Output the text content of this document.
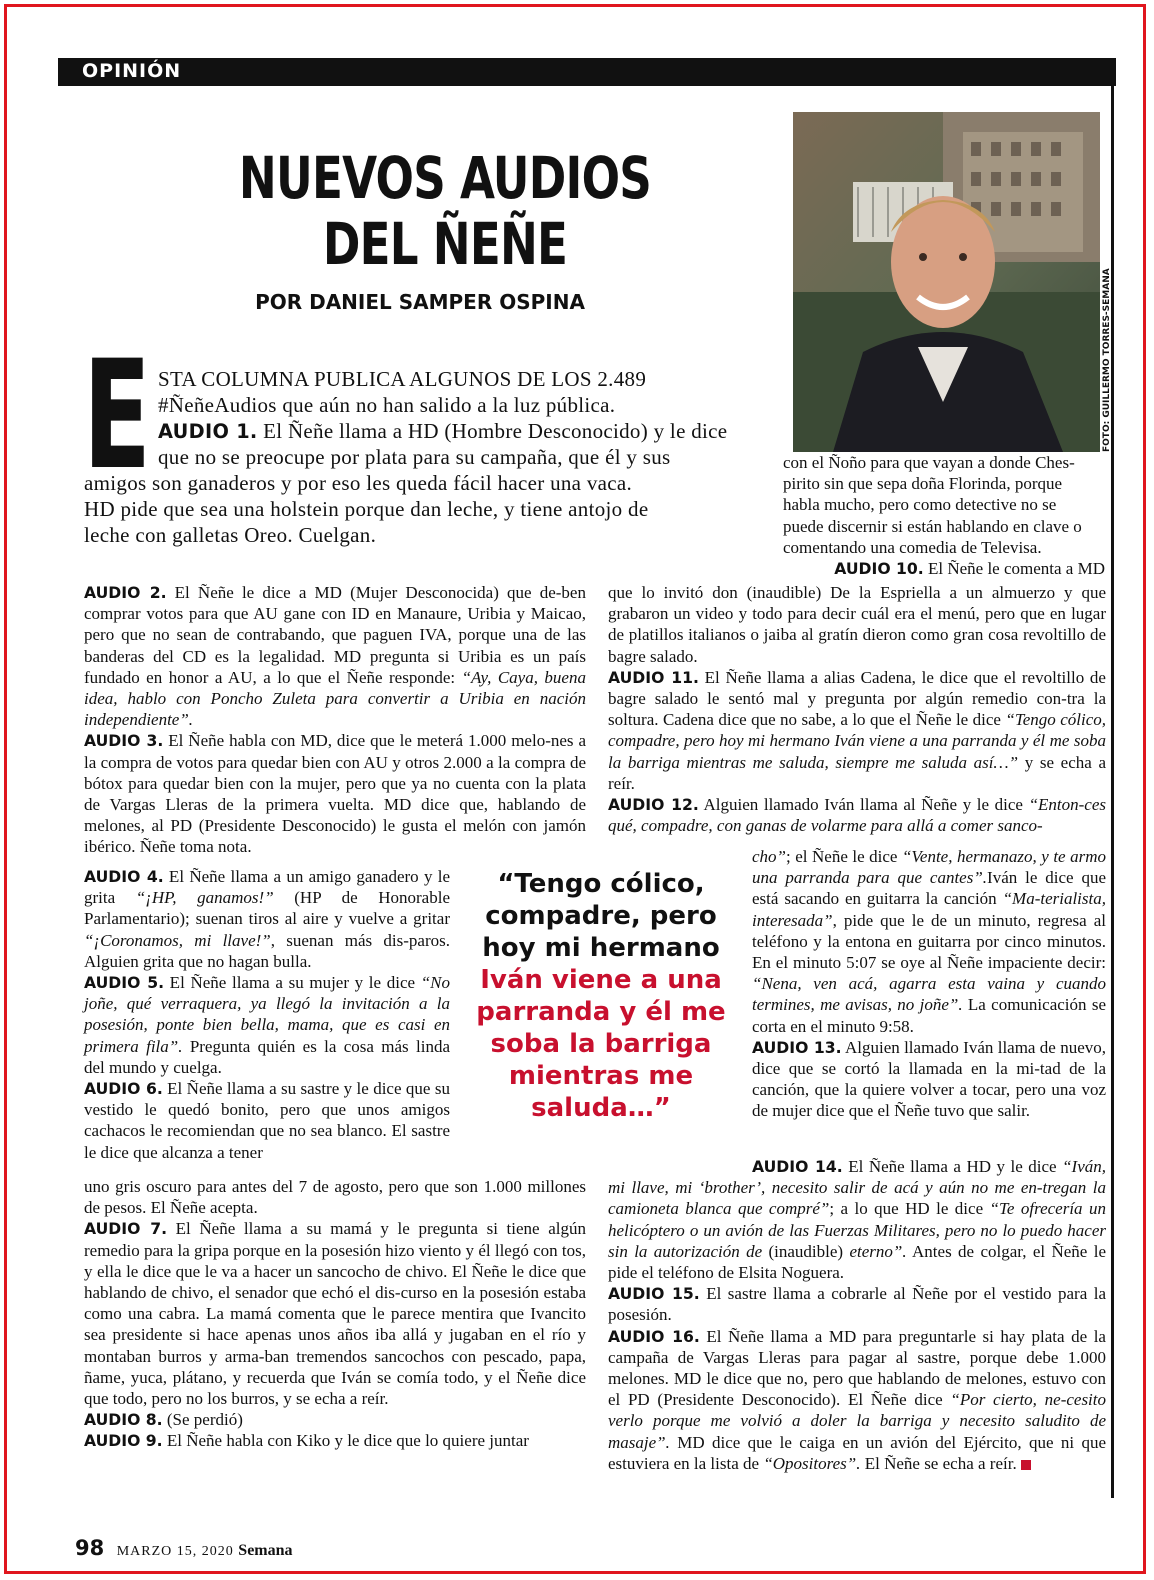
OPINIÓN
NUEVOS AUDIOS
DEL ÑEÑE
POR DANIEL SAMPER OSPINA	FOTO: GUILLERMO TORRES-SEMANA
E STA COLUMNA PUBLICA ALGUNOS DE LOS 2.489
#ÑeñeAudios que aún no han salido a la luz pública.
AUDIO 1. El Ñeñe llama a HD (Hombre Desconocido) y le dice
que no se preocupe por plata para su campaña, que él y sus
amigos son ganaderos y por eso les queda fácil hacer una vaca.
HD pide que sea una holstein porque dan leche, y tiene antojo de
leche con galletas Oreo. Cuelgan.
con el Ñoño para que vayan a donde Ches-
pirito sin que sepa doña Florinda, porque
habla mucho, pero como detective no se
puede discernir si están hablando en clave o
comentando una comedia de Televisa.
AUDIO 10. El Ñeñe le comenta a MD

AUDIO 2. El Ñeñe le dice a MD (Mujer Desconocida) que de-ben comprar votos para que AU gane con ID en Manaure, Uribia y Maicao, pero que no sean de contrabando, que paguen IVA, porque una de las banderas del CD es la legalidad. MD pregunta si Uribia es un país fundado en honor a AU, a lo que el Ñeñe responde: “Ay, Caya, buena idea, hablo con Poncho Zuleta para convertir a Uribia en nación independiente”.

AUDIO 3. El Ñeñe habla con MD, dice que le meterá 1.000 melo-nes a la compra de votos para quedar bien con AU y otros 2.000 a la compra de bótox para quedar bien con la mujer, pero que ya no cuenta con la plata de Vargas Lleras de la primera vuelta. MD dice que, hablando de melones, al PD (Presidente Desconocido) le gusta el melón con jamón ibérico. Ñeñe toma nota.

AUDIO 4. El Ñeñe llama a un amigo ganadero y le grita “¡HP, ganamos!” (HP de Honorable Parlamentario); suenan tiros al aire y vuelve a gritar “¡Coronamos, mi llave!”, suenan más dis-paros. Alguien grita que no hagan bulla.

AUDIO 5. El Ñeñe llama a su mujer y le dice “No joñe, qué verraquera, ya llegó la invitación a la posesión, ponte bien bella, mama, que es casi en primera fila”. Pregunta quién es la cosa más linda del mundo y cuelga.

AUDIO 6. El Ñeñe llama a su sastre y le dice que su vestido le quedó bonito, pero que unos amigos cachacos le recomiendan que no sea blanco. El sastre le dice que alcanza a tener

uno gris oscuro para antes del 7 de agosto, pero que son 1.000 millones de pesos. El Ñeñe acepta.

AUDIO 7. El Ñeñe llama a su mamá y le pregunta si tiene algún remedio para la gripa porque en la posesión hizo viento y él llegó con tos, y ella le dice que le va a hacer un sancocho de chivo. El Ñeñe le dice que hablando de chivo, el senador que echó el dis-curso en la posesión estaba como una cabra. La mamá comenta que le parece mentira que Ivancito sea presidente si hace apenas unos años iba allá y jugaban en el río y montaban burros y arma-ban tremendos sancochos con pescado, papa, ñame, yuca, plátano, y recuerda que Iván se comía todo, y el Ñeñe dice que todo, pero no los burros, y se echa a reír.

AUDIO 8. (Se perdió)

AUDIO 9. El Ñeñe habla con Kiko y le dice que lo quiere juntar

que lo invitó don (inaudible) De la Espriella a un almuerzo y que grabaron un video y todo para decir cuál era el menú, pero que en lugar de platillos italianos o jaiba al gratín dieron como gran cosa revoltillo de bagre salado.

AUDIO 11. El Ñeñe llama a alias Cadena, le dice que el revoltillo de bagre salado le sentó mal y pregunta por algún remedio con-tra la soltura. Cadena dice que no sabe, a lo que el Ñeñe le dice “Tengo cólico, compadre, pero hoy mi hermano Iván viene a una parranda y él me soba la barriga mientras me saluda, siempre me saluda así…” y se echa a reír.

AUDIO 12. Alguien llamado Iván llama al Ñeñe y le dice “Enton-ces qué, compadre, con ganas de volarme para allá a comer sanco-

cho”; el Ñeñe le dice “Vente, hermanazo, y te armo una parranda para que cantes”.Iván le dice que está sacando en guitarra la canción “Ma-terialista, interesada”, pide que le de un minuto, regresa al teléfono y la entona en guitarra por cinco minutos. En el minuto 5:07 se oye al Ñeñe impaciente decir: “Nena, ven acá, agarra esta vaina y cuando termines, me avisas, no joñe”. La comunicación se corta en el minuto 9:58.

AUDIO 13. Alguien llamado Iván llama de nuevo, dice que se cortó la llamada en la mi-tad de la canción, que la quiere volver a tocar, pero una voz de mujer dice que el Ñeñe tuvo que salir.

AUDIO 14. El Ñeñe llama a HD y le dice “Iván, mi llave, mi ‘brother’, necesito salir de acá y aún no me en-tregan la camioneta blanca que compré”; a lo que HD le dice “Te ofrecería un helicóptero o un avión de las Fuerzas Militares, pero no lo puedo hacer sin la autorización de (inaudible) eterno”. Antes de colgar, el Ñeñe le pide el teléfono de Elsita Noguera.

AUDIO 15. El sastre llama a cobrarle al Ñeñe por el vestido para la posesión.

AUDIO 16. El Ñeñe llama a MD para preguntarle si hay plata de la campaña de Vargas Lleras para pagar al sastre, porque debe 1.000 melones. MD le dice que no, pero que hablando de melones, estuvo con el PD (Presidente Desconocido). El Ñeñe dice “Por cierto, ne-cesito verlo porque me volvió a doler la barriga y necesito saludito de masaje”. MD dice que le caiga en un avión del Ejército, que ni que estuviera en la lista de “Opositores”. El Ñeñe se echa a reír.

“Tengo cólico, compadre, pero hoy mi hermano Iván viene a una parranda y él me soba la barriga mientras me saluda…”
98 MARZO 15, 2020 Semana
